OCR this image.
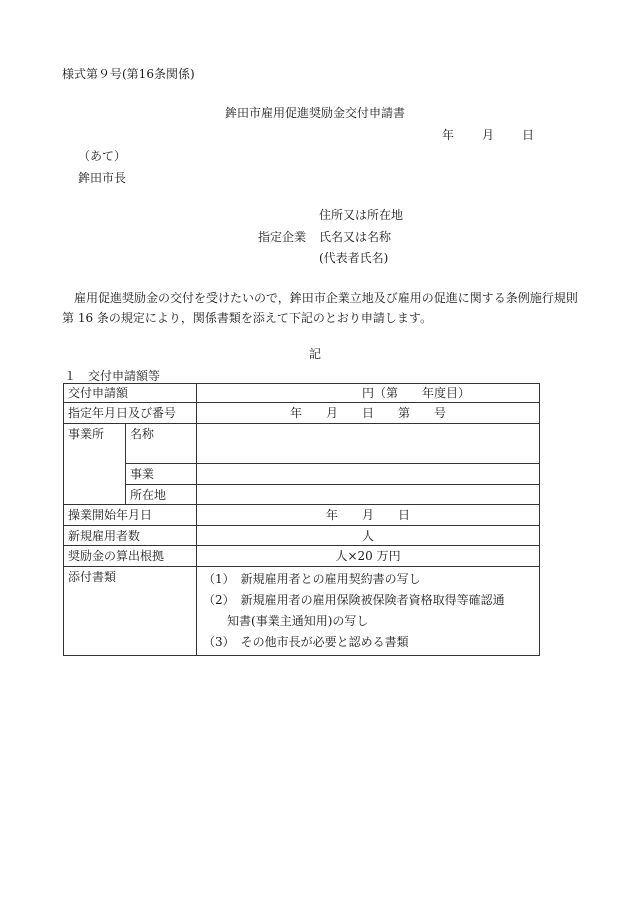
様式第９号(第16条関係)
鉾田市雇用促進奨励金交付申請書
年 月 日
（あて）
鉾田市長
住所又は所在地
指定企業 氏名又は名称
(代表者氏名)

雇用促進奨励金の交付を受けたいので，鉾田市企業立地及び雇用の促進に関する条例施行規則

第 16 条の規定により，関係書類を添えて下記のとおり申請します。

記
１　交付申請額等
交付申請額		円（第　　年度目）
指定年月日及び番号		年　　月　　日　　第　　号
事業所	名称	
	事業	
	所在地	
操業開始年月日		年　　月　　日
新規雇用者数		人
奨励金の算出根拠		人×20 万円
添付書類		（1）　新規雇用者との雇用契約書の写し
（2）　新規雇用者の雇用保険被保険者資格取得等確認通
知書(事業主通知用)の写し
（3）　その他市長が必要と認める書類
